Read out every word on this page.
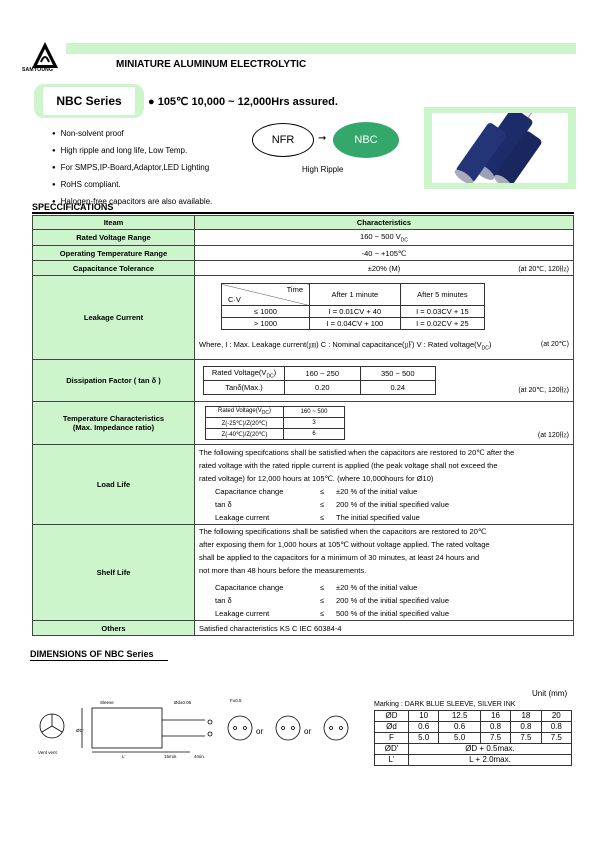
SAMYOUNG	MINIATURE ALUMINUM ELECTROLYTIC
NBC Series	● 105℃ 10,000 ~ 12,000Hrs assured.
● Non-solvent proof
● High ripple and long life, Low Temp.
● For SMPS,IP-Board,Adaptor,LED Lighting
● RoHS compliant.
● Halogen-free capacitors are also available.
NFR	➞	NBC
High Ripple
SPECCIFICATIONS
Iteam	Characteristics
Rated Voltage Range	160 ~ 500 $V_{DC}$
Operating Temperature Range	-40 ~ +105℃
Capacitance Tolerance	±20% (M)	(at 20℃, 120㎐)

Leakage Current	
Time
C·V
	After 1 minute	After 5 minutes
≤ 1000	I = 0.01CV + 40	I = 0.03CV + 15
> 1000	I = 0.04CV + 100	I = 0.02CV + 25
Where, I : Max. Leakage current(㎛) C : Nominal capacitance(㎌) V : Rated $voltage(V_{DC})$	(at 20℃)

Dissipation Factor ( tan δ )	
Rated $Voltage(V_{DC})$	160 ~ 250	350 ~ 500
Tanδ(Max.)	0.20	0.24	(at 20℃, 120㎐)

Temperature Characteristics
(Max. Impedance ratio)

Rated $Voltage(V_{DC})$	160 ~ 500
Z(-25℃)/Z(20℃)	3
Z(-40℃)/Z(20℃)	6	(at 120㎐)

Load Life	
The following specifcations shall be satisfied when the capacitors are restored to 20℃ after the
rated voltage with the rated ripple current is applied (the peak voltage shall not exceed the
rated voltage) for 12,000 hours at 105℃. (where 10,000hours for Ø10)
Capacitance change	≤	±20 % of the initial value
tan δ	≤	200 % of the initial specified value
Leakage current	≤	The initial specified value

Shelf Life	
The following specifications shall be satisfied when the capacitors are restored to 20℃
after exposing them for 1,000 hours at 105℃ without voltage applied. The rated voltage
shall be applied to the capacitors for a minimum of 30 minutes, at least 24 hours and
not more than 48 hours before the measurements.
Capacitance change	≤	±20 % of the initial value
tan δ	≤	200 % of the initial specified value
Leakage current	≤	500 % of the initial specified value

Others	Satisfied characteristics KS C IEC 60384-4
DIMENSIONS OF NBC Series
Sleeve
Vent vent
ØD′
L′	15min.	4min.
F±0.5
Ød±0.05
or	or
Unit (mm)
Marking : DARK BLUE SLEEVE, SILVER INK
ØD	10	12.5	16	18	20
Ød	0.6	0.6	0.8	0.8	0.8
F	5.0	5.0	7.5	7.5	7.5
ØD'	ØD + 0.5max.				
L'	L + 2.0max.				
